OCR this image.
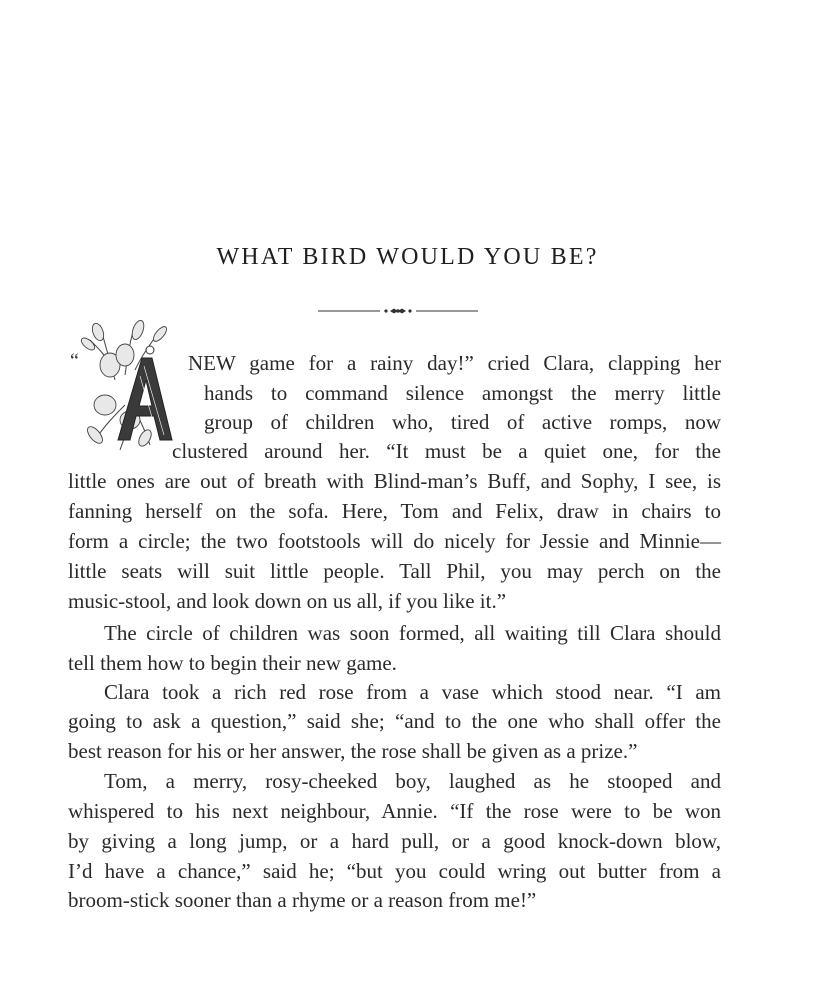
WHAT BIRD WOULD YOU BE?
“	NEW game for a rainy day!” cried Clara, clapping her
hands to command silence amongst the merry little
group of children who, tired of active romps, now
clustered around her. “It must be a quiet one, for the
little ones are out of breath with Blind-man’s Buff, and Sophy, I see, is
fanning herself on the sofa. Here, Tom and Felix, draw in chairs to
form a circle; the two footstools will do nicely for Jessie and Minnie—
little seats will suit little people. Tall Phil, you may perch on the
music-stool, and look down on us all, if you like it.”
The circle of children was soon formed, all waiting till Clara should
tell them how to begin their new game.
Clara took a rich red rose from a vase which stood near. “I am
going to ask a question,” said she; “and to the one who shall offer the
best reason for his or her answer, the rose shall be given as a prize.”
Tom, a merry, rosy-cheeked boy, laughed as he stooped and
whispered to his next neighbour, Annie. “If the rose were to be won
by giving a long jump, or a hard pull, or a good knock-down blow,
I’d have a chance,” said he; “but you could wring out butter from a
broom-stick sooner than a rhyme or a reason from me!”
